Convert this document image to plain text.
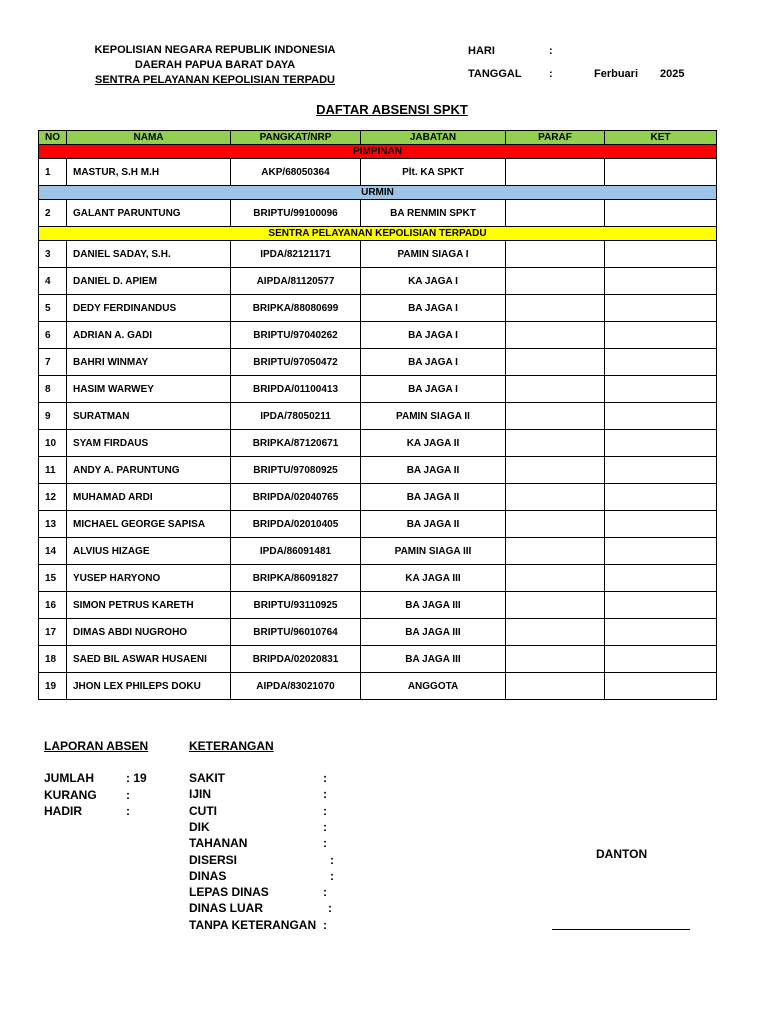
KEPOLISIAN NEGARA REPUBLIK INDONESIA
DAERAH PAPUA BARAT DAYA
SENTRA PELAYANAN KEPOLISIAN TERPADU
HARI	:
TANGGAL :	Ferbuari 2025
DAFTAR ABSENSI SPKT
NO	NAMA	PANGKAT/NRP	JABATAN	PARAF	KET
PIMPINAN					
1	MASTUR, S.H M.H	AKP/68050364	Plt. KA SPKT		
URMIN					
2	GALANT PARUNTUNG	BRIPTU/99100096	BA RENMIN SPKT		
SENTRA PELAYANAN KEPOLISIAN TERPADU					
3	DANIEL SADAY, S.H.	IPDA/82121171	PAMIN SIAGA I		
4	DANIEL D. APIEM	AIPDA/81120577	KA JAGA I		
5	DEDY FERDINANDUS	BRIPKA/88080699	BA JAGA I		
6	ADRIAN A. GADI	BRIPTU/97040262	BA JAGA I		
7	BAHRI WINMAY	BRIPTU/97050472	BA JAGA I		
8	HASIM WARWEY	BRIPDA/01100413	BA JAGA I		
9	SURATMAN	IPDA/78050211	PAMIN SIAGA II		
10	SYAM FIRDAUS	BRIPKA/87120671	KA JAGA II		
11	ANDY A. PARUNTUNG	BRIPTU/97080925	BA JAGA II		
12	MUHAMAD ARDI	BRIPDA/02040765	BA JAGA II		
13	MICHAEL GEORGE SAPISA	BRIPDA/02010405	BA JAGA II		
14	ALVIUS HIZAGE	IPDA/86091481	PAMIN SIAGA III		
15	YUSEP HARYONO	BRIPKA/86091827	KA JAGA III		
16	SIMON PETRUS KARETH	BRIPTU/93110925	BA JAGA III		
17	DIMAS ABDI NUGROHO	BRIPTU/96010764	BA JAGA III		
18	SAED BIL ASWAR HUSAENI	BRIPDA/02020831	BA JAGA III		
19	JHON LEX PHILEPS DOKU	AIPDA/83021070	ANGGOTA		
LAPORAN ABSEN
JUMLAH	: 19
KURANG :
HADIR	:
KETERANGAN
SAKIT	:
IJIN	:
CUTI	:
DIK	:
TAHANAN	:
DISERSI	:
DINAS	:
LEPAS DINAS	:
DINAS LUAR	:
TANPA KETERANGAN :
DANTON
